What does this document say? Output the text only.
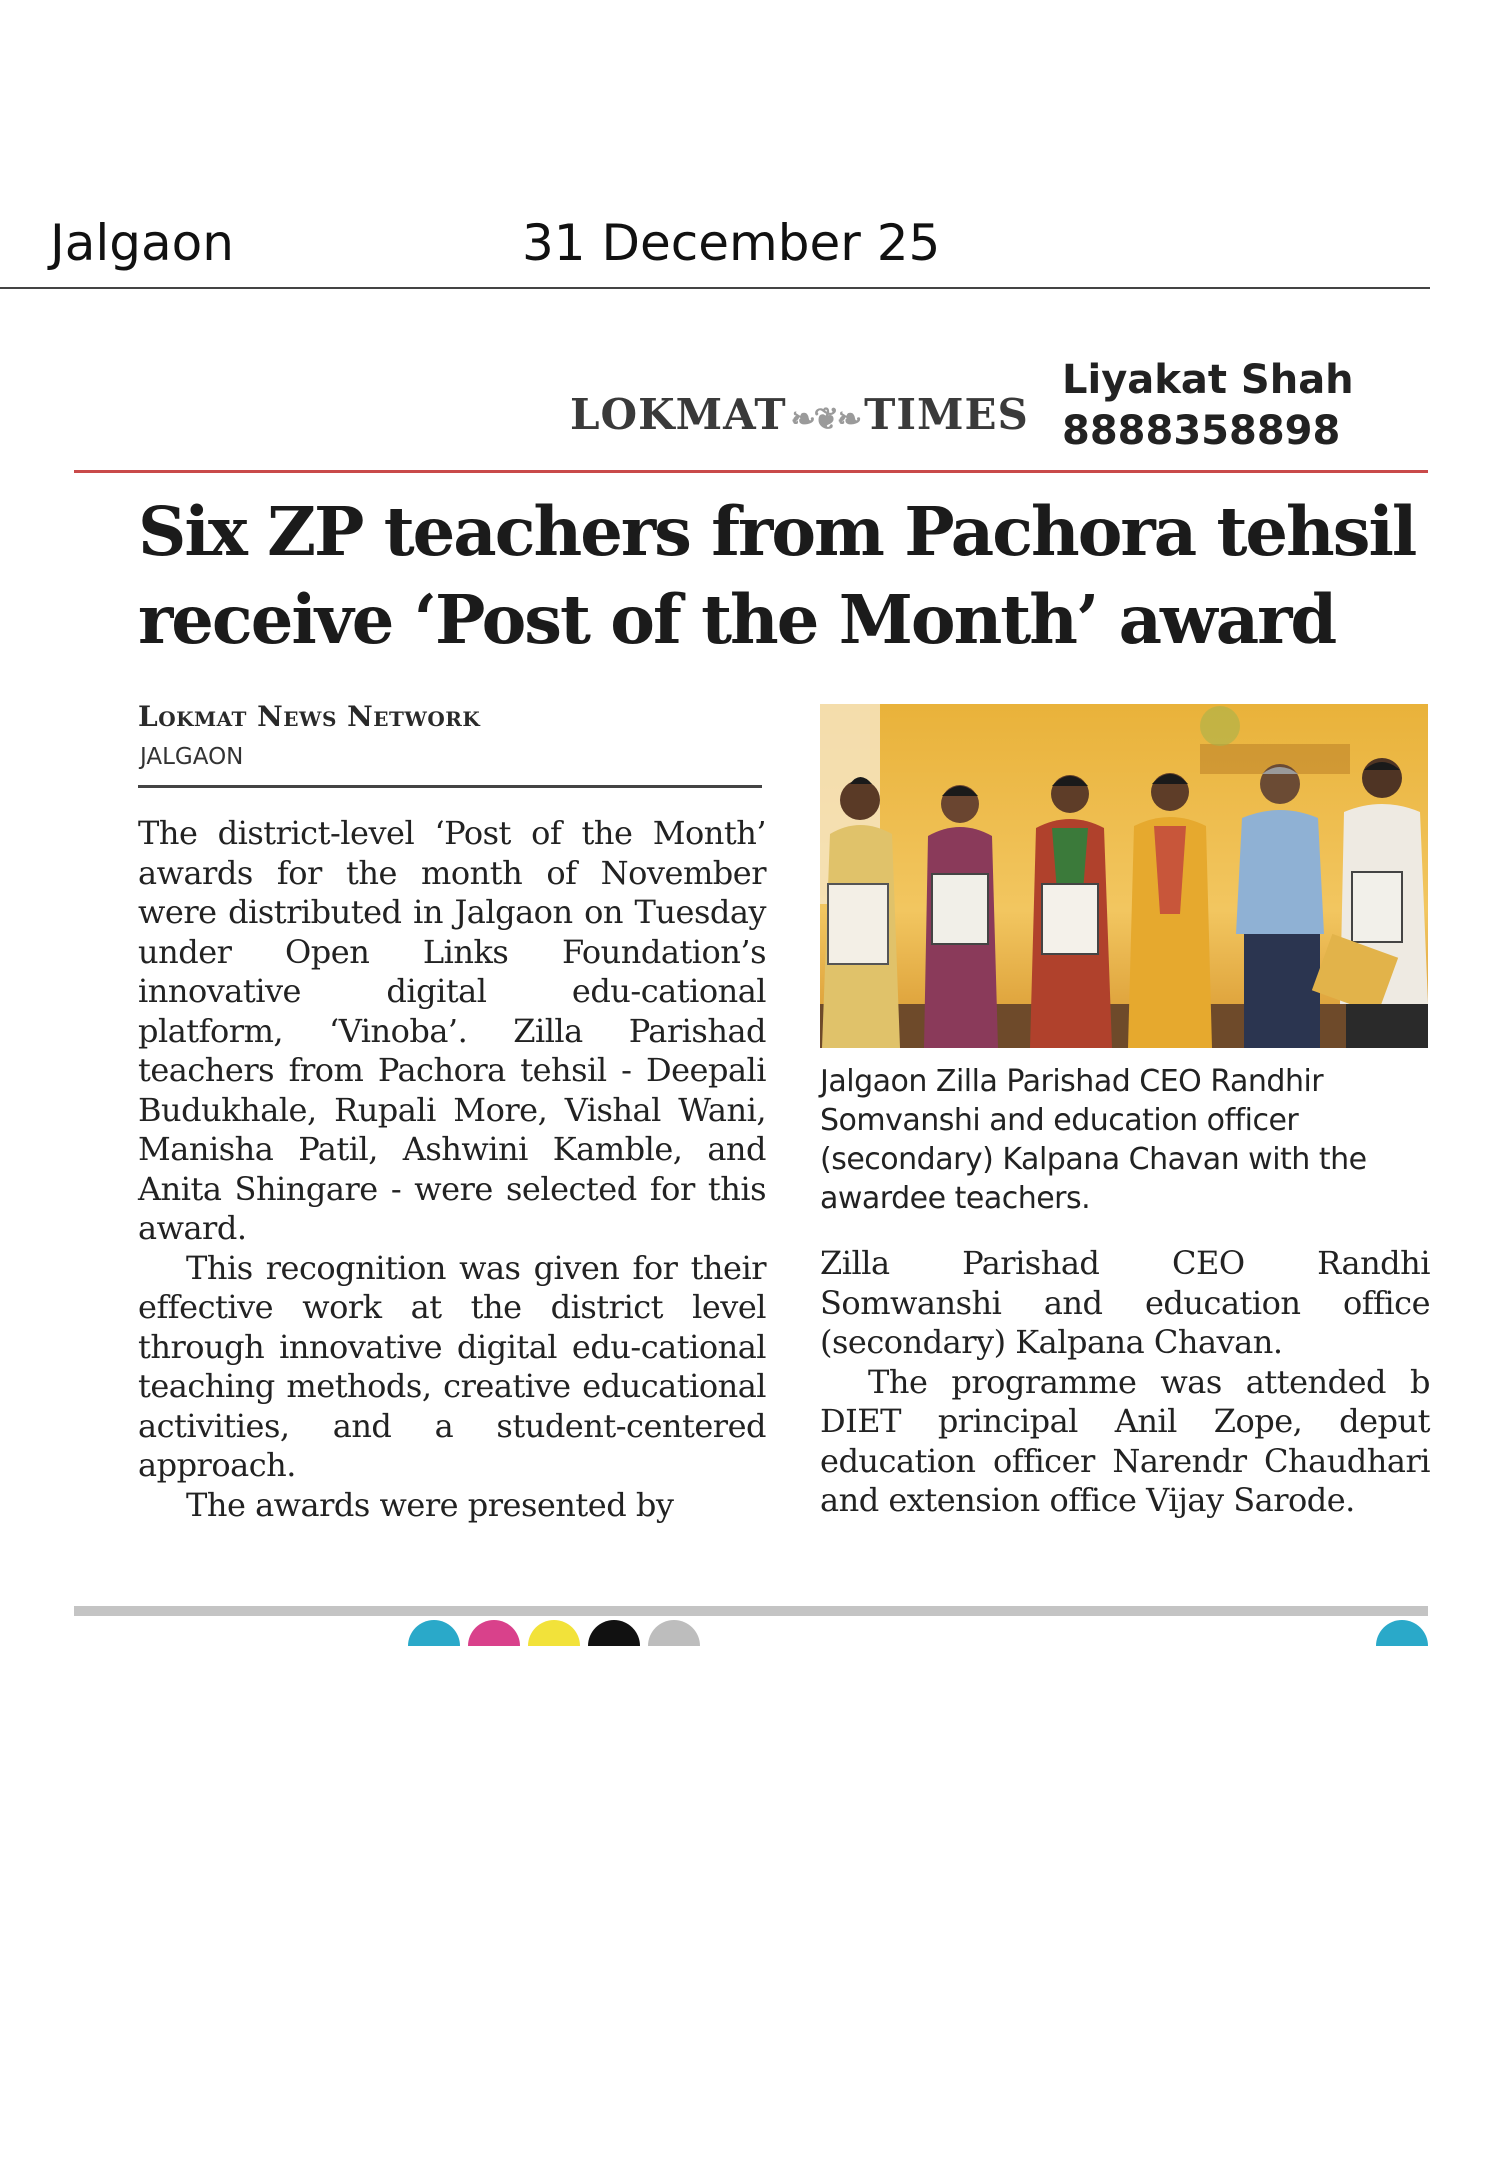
Jalgaon	31 December 25
LOKMAT ❧❦❧TIMES
Liyakat Shah
8888358898
Six ZP teachers from Pachora tehsil
receive ‘Post of the Month’ award
Lokmat News Network
JALGAON

The district-level ‘Post of the Month’ awards for the month of November were distributed in Jalgaon on Tuesday under Open Links Foundation’s innovative digital edu-cational platform, ‘Vinoba’. Zilla Parishad teachers from Pachora tehsil - Deepali Budukhale, Rupali More, Vishal Wani, Manisha Patil, Ashwini Kamble, and Anita Shingare - were selected for this award.

This recognition was given for their effective work at the district level through innovative digital edu-cational teaching methods, creative educational activities, and a student-centered approach.

The awards were presented by

Jalgaon Zilla Parishad CEO Randhir Somvanshi and education officer (secondary) Kalpana Chavan with the awardee teachers.

Zilla Parishad CEO Randhi Somwanshi and education office (secondary) Kalpana Chavan.

The programme was attended b DIET principal Anil Zope, deput education officer Narendr Chaudhari and extension office Vijay Sarode.
